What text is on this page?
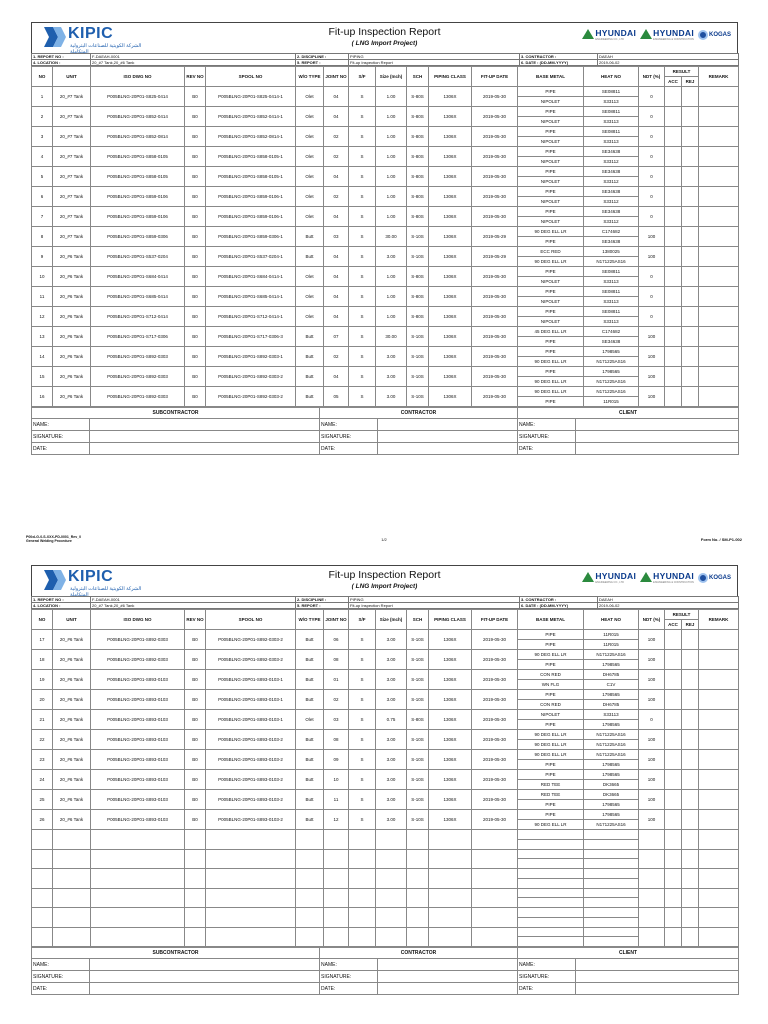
KIPIC
الشركة الكويتية للصناعات البترولية المتكاملة
Fit-up Inspection Report
( LNG Import Project)
HYUNDAI
ENGINEERING CO., LTD
HYUNDAI
ENGINEERING & CONSTRUCTION
KOGAS
1. REPORT NO :	F-DAEAH-0001	2. DISCIPLINE :	PIPING	3. CONTRACTOR :	DAEAH
4. LOCATION :	20_#7 Tank,20_#6 Tank	5. REPORT :	Fit-up Inspection Report	6. DATE : (DD-MM-YYYY)	2019-06-02
NO	UNIT	ISO DWG NO	REV NO	SPOOL NO	W/O TYPE	JOINT NO	S/F	Size (Inch)	SCH	PIPING CLASS	FIT-UP DATE	BASE METAL	HEAT NO	NDT (%)	RESULT		REMARK
															ACC	REJ	
1	20_#7 Tank	P005BLNG-20P01-S825-0414	B0	P005BLNG-20P01-S825-0414-1	Olet	04	S	1.00	S-80S	1306X	2019-05-30	PIPE	SE08811	0			
												NIPOLET	S33113				
2	20_#7 Tank	P005BLNG-20P01-S852-0414	B0	P005BLNG-20P01-S852-0414-1	Olet	04	S	1.00	S-80S	1306X	2019-05-30	PIPE	SE08811	0			
												NIPOLET	S33113				
3	20_#7 Tank	P005BLNG-20P01-S852-0814	B0	P005BLNG-20P01-S852-0814-1	Olet	02	S	1.00	S-80S	1306X	2019-05-30	PIPE	SE08811	0			
												NIPOLET	S33113				
4	20_#7 Tank	P005BLNG-20P01-S858-0105	B0	P005BLNG-20P01-S858-0105-1	Olet	02	S	1.00	S-80S	1306X	2019-05-30	PIPE	SE34638	0			
												NIPOLET	S33112				
5	20_#7 Tank	P005BLNG-20P01-S858-0105	B0	P005BLNG-20P01-S858-0105-1	Olet	04	S	1.00	S-80S	1306X	2019-05-30	PIPE	SE34638	0			
												NIPOLET	S33112				
6	20_#7 Tank	P005BLNG-20P01-S859-0106	B0	P005BLNG-20P01-S859-0106-1	Olet	02	S	1.00	S-80S	1306X	2019-05-30	PIPE	SE34638	0			
												NIPOLET	S33112				
7	20_#7 Tank	P005BLNG-20P01-S859-0106	B0	P005BLNG-20P01-S859-0106-1	Olet	04	S	1.00	S-80S	1306X	2019-05-30	PIPE	SE34638	0			
												NIPOLET	S33112				
8	20_#7 Tank	P005BLNG-20P01-S859-0306	B0	P005BLNG-20P01-S859-0306-1	Butt	03	S	30.00	S-10S	1306X	2019-05-29	90 DEG ELL LR	C174682	100			
												PIPE	SE34638				
9	20_#6 Tank	P005BLNG-20P01-S537-0204	B0	P005BLNG-20P01-S537-0204-1	Butt	04	S	3.00	S-10S	1306X	2019-05-29	ECC RED	1380025	100			
												90 DEG ELL LR	N171225AS16				
10	20_#6 Tank	P005BLNG-20P01-S684-0414	B0	P005BLNG-20P01-S684-0414-1	Olet	04	S	1.00	S-80S	1306X	2019-05-30	PIPE	SE08811	0			
												NIPOLET	S33113				
11	20_#6 Tank	P005BLNG-20P01-S685-0414	B0	P005BLNG-20P01-S685-0414-1	Olet	04	S	1.00	S-80S	1306X	2019-05-30	PIPE	SE08811	0			
												NIPOLET	S33113				
12	20_#6 Tank	P005BLNG-20P01-S712-0414	B0	P005BLNG-20P01-S712-0414-1	Olet	04	S	1.00	S-80S	1306X	2019-05-30	PIPE	SE08811	0			
												NIPOLET	S33113				
13	20_#6 Tank	P005BLNG-20P01-S717-0306	B0	P005BLNG-20P01-S717-0306-3	Butt	07	S	30.00	S-10S	1306X	2019-05-30	45 DEG ELL LR	C174682	100			
												PIPE	SE34638				
14	20_#6 Tank	P005BLNG-20P01-S892-0303	B0	P005BLNG-20P01-S892-0303-1	Butt	02	S	3.00	S-10S	1306X	2019-05-30	PIPE	1798565	100			
												90 DEG ELL LR	N171225AS16				
15	20_#6 Tank	P005BLNG-20P01-S892-0303	B0	P005BLNG-20P01-S892-0303-2	Butt	04	S	3.00	S-10S	1306X	2019-05-30	PIPE	1798565	100			
												90 DEG ELL LR	N171225AS16				
16	20_#6 Tank	P005BLNG-20P01-S892-0303	B0	P005BLNG-20P01-S892-0303-2	Butt	05	S	3.00	S-10S	1306X	2019-05-30	90 DEG ELL LR	N171225AS16	100			
												PIPE	11R015				
SUBCONTRACTOR		CONTRACTOR		CLIENT	
NAME:		NAME:		NAME:	
SIGNATURE:		SIGNATURE:		SIGNATURE:	
DATE:		DATE:		DATE:	
P00xLG-0-S-XXX-PD-0001_Rev_0
General Welding Procedure	1/2	Form No. / SM-P1-002
KIPIC
الشركة الكويتية للصناعات البترولية المتكاملة
Fit-up Inspection Report
( LNG Import Project)
HYUNDAI
ENGINEERING CO., LTD
HYUNDAI
ENGINEERING & CONSTRUCTION
KOGAS
1. REPORT NO :	F-DAEAH-0001	2. DISCIPLINE :	PIPING	3. CONTRACTOR :	DAEAH
4. LOCATION :	20_#7 Tank,20_#6 Tank	5. REPORT :	Fit-up Inspection Report	6. DATE : (DD-MM-YYYY)	2019-06-02
NO	UNIT	ISO DWG NO	REV NO	SPOOL NO	W/O TYPE	JOINT NO	S/F	Size (Inch)	SCH	PIPING CLASS	FIT-UP DATE	BASE METAL	HEAT NO	NDT (%)	RESULT		REMARK
															ACC	REJ	
17	20_#6 Tank	P005BLNG-20P01-S892-0303	B0	P005BLNG-20P01-S892-0303-2	Butt	06	S	3.00	S-10S	1306X	2019-05-30	PIPE	11R015	100			
												PIPE	11R015				
18	20_#6 Tank	P005BLNG-20P01-S892-0303	B0	P005BLNG-20P01-S892-0303-2	Butt	08	S	3.00	S-10S	1306X	2019-05-30	90 DEG ELL LR	N171225AS16	100			
												PIPE	1798565				
19	20_#6 Tank	P005BLNG-20P01-S893-0103	B0	P005BLNG-20P01-S893-0103-1	Butt	01	S	3.00	S-10S	1306X	2019-05-30	CON RED	DH6785	100			
												WN FLG	C1V				
20	20_#6 Tank	P005BLNG-20P01-S893-0103	B0	P005BLNG-20P01-S893-0103-1	Butt	02	S	3.00	S-10S	1306X	2019-05-30	PIPE	1798565	100			
												CON RED	DH6785				
21	20_#6 Tank	P005BLNG-20P01-S893-0103	B0	P005BLNG-20P01-S893-0103-1	Olet	03	S	0.75	S-80S	1306X	2019-05-30	NIPOLET	S33113	0			
												PIPE	1798565				
22	20_#6 Tank	P005BLNG-20P01-S893-0103	B0	P005BLNG-20P01-S893-0103-2	Butt	08	S	3.00	S-10S	1306X	2019-05-30	90 DEG ELL LR	N171225AS16	100			
												90 DEG ELL LR	N171225AS16				
23	20_#6 Tank	P005BLNG-20P01-S893-0103	B0	P005BLNG-20P01-S893-0103-2	Butt	09	S	3.00	S-10S	1306X	2019-05-30	90 DEG ELL LR	N171225AS16	100			
												PIPE	1798565				
24	20_#6 Tank	P005BLNG-20P01-S893-0103	B0	P005BLNG-20P01-S893-0103-2	Butt	10	S	3.00	S-10S	1306X	2019-05-30	PIPE	1798565	100			
												RED TEE	DK3665				
25	20_#6 Tank	P005BLNG-20P01-S893-0103	B0	P005BLNG-20P01-S893-0103-2	Butt	11	S	3.00	S-10S	1306X	2019-05-30	RED TEE	DK3665	100			
												PIPE	1798565				
26	20_#6 Tank	P005BLNG-20P01-S893-0103	B0	P005BLNG-20P01-S893-0103-2	Butt	12	S	3.00	S-10S	1306X	2019-05-30	PIPE	1798565	100			
												90 DEG ELL LR	N171225AS16				

SUBCONTRACTOR		CONTRACTOR		CLIENT	
NAME:		NAME:		NAME:	
SIGNATURE:		SIGNATURE:		SIGNATURE:	
DATE:		DATE:		DATE:	
